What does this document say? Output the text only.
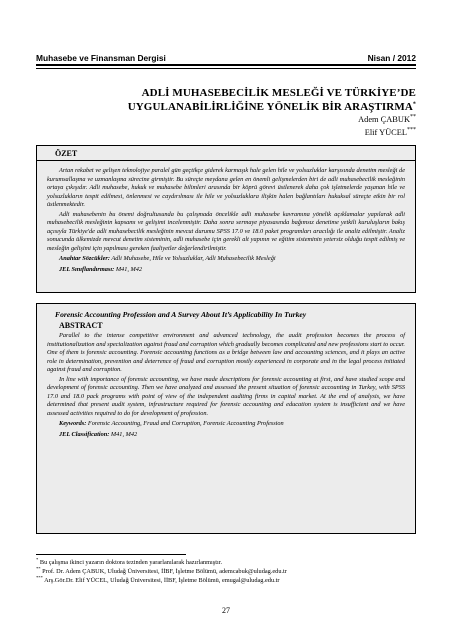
Muhasebe ve Finansman Dergisi	Nisan / 2012
ADLİ MUHASEBECİLİK MESLEĞİ VE TÜRKİYE’DE
UYGULANABİLİRLİĞİNE YÖNELİK BİR ARAŞTIRMA*
Adem ÇABUK**
Elif YÜCEL***
ÖZET

Artan rekabet ve gelişen teknolojiye paralel gün geçtikçe giderek karmaşık hale gelen hile ve yolsuzluklar karşısında denetim mesleği de kurumsallaşma ve uzmanlaşma sürecine girmiştir. Bu süreçte meydana gelen en önemli gelişmelerden biri de adli muhasebecilik mesleğinin ortaya çıkışıdır. Adli muhasebe, hukuk ve muhasebe bilimleri arasında bir köprü görevi üstlenerek daha çok işletmelerde yaşanan hile ve yolsuzlukların tespit edilmesi, önlenmesi ve caydırılması ile hile ve yolsuzluklara ilişkin halen bağlantıları hukuksal süreçte etkin bir rol üstlenmektedir.

Adli muhasebenin bu önemi doğrultusunda bu çalışmada öncelikle adli muhasebe kavramına yönelik açıklamalar yapılarak adli muhasebecilik mesleğinin kapsamı ve gelişimi incelenmiştir. Daha sonra sermaye piyasasında bağımsız denetime yetkili kuruluşların bakış açısıyla Türkiye'de adli muhasebecilik mesleğinin mevcut durumu SPSS 17.0 ve 18.0 paket programları aracılığı ile analiz edilmiştir. Analiz sonucunda ülkemizde mevcut denetim sisteminin, adli muhasebe için gerekli alt yapının ve eğitim sisteminin yetersiz olduğu tespit edilmiş ve mesleğin gelişimi için yapılması gereken faaliyetler değerlendirilmiştir.

Anahtar Sözcükler: Adli Muhasebe, Hile ve Yolsuzluklar, Adli Muhasebecilik Mesleği
JEL Sınıflandırması: M41, M42
Forensic Accounting Profession and A Survey About It’s Applicability In Turkey
ABSTRACT

Parallel to the intense competitive environment and advanced technology, the audit profession becomes the process of institutionalization and specialization against fraud and corruption which gradually becomes complicated and new professions start to occur. One of them is forensic accounting. Forensic accounting functions as a bridge between law and accounting sciences, and it plays an active role in determination, prevention and deterrence of fraud and corruption mostly experienced in corporate and in the legal process initiated against fraud and corruption.

In line with importance of forensic accounting, we have made descriptions for forensic accounting at first, and have studied scope and development of forensic accounting. Then we have analyzed and assessed the present situation of forensic accounting in Turkey, with SPSS 17.0 and 18.0 pack programs with point of view of the independent auditing firms in capital market. At the end of analysis, we have determined that present audit system, infrastructure required for forensic accounting and education system is insufficient and we have assessed activities required to do for development of profession.

Keywords: Forensic Accounting, Fraud and Corruption, Forensic Accounting Profession
JEL Classification: M41, M42
* Bu çalışma ikinci yazarın doktora tezinden yararlanılarak hazırlanmıştır.
** Prof. Dr. Adem ÇABUK, Uludağ Üniversitesi, İİBF, İşletme Bölümü, ademcabuk@uludag.edu.tr
*** Arş.Gör.Dr. Elif YÜCEL, Uludağ Üniversitesi, İİBF, İşletme Bölümü, emugal@uludag.edu.tr
27
